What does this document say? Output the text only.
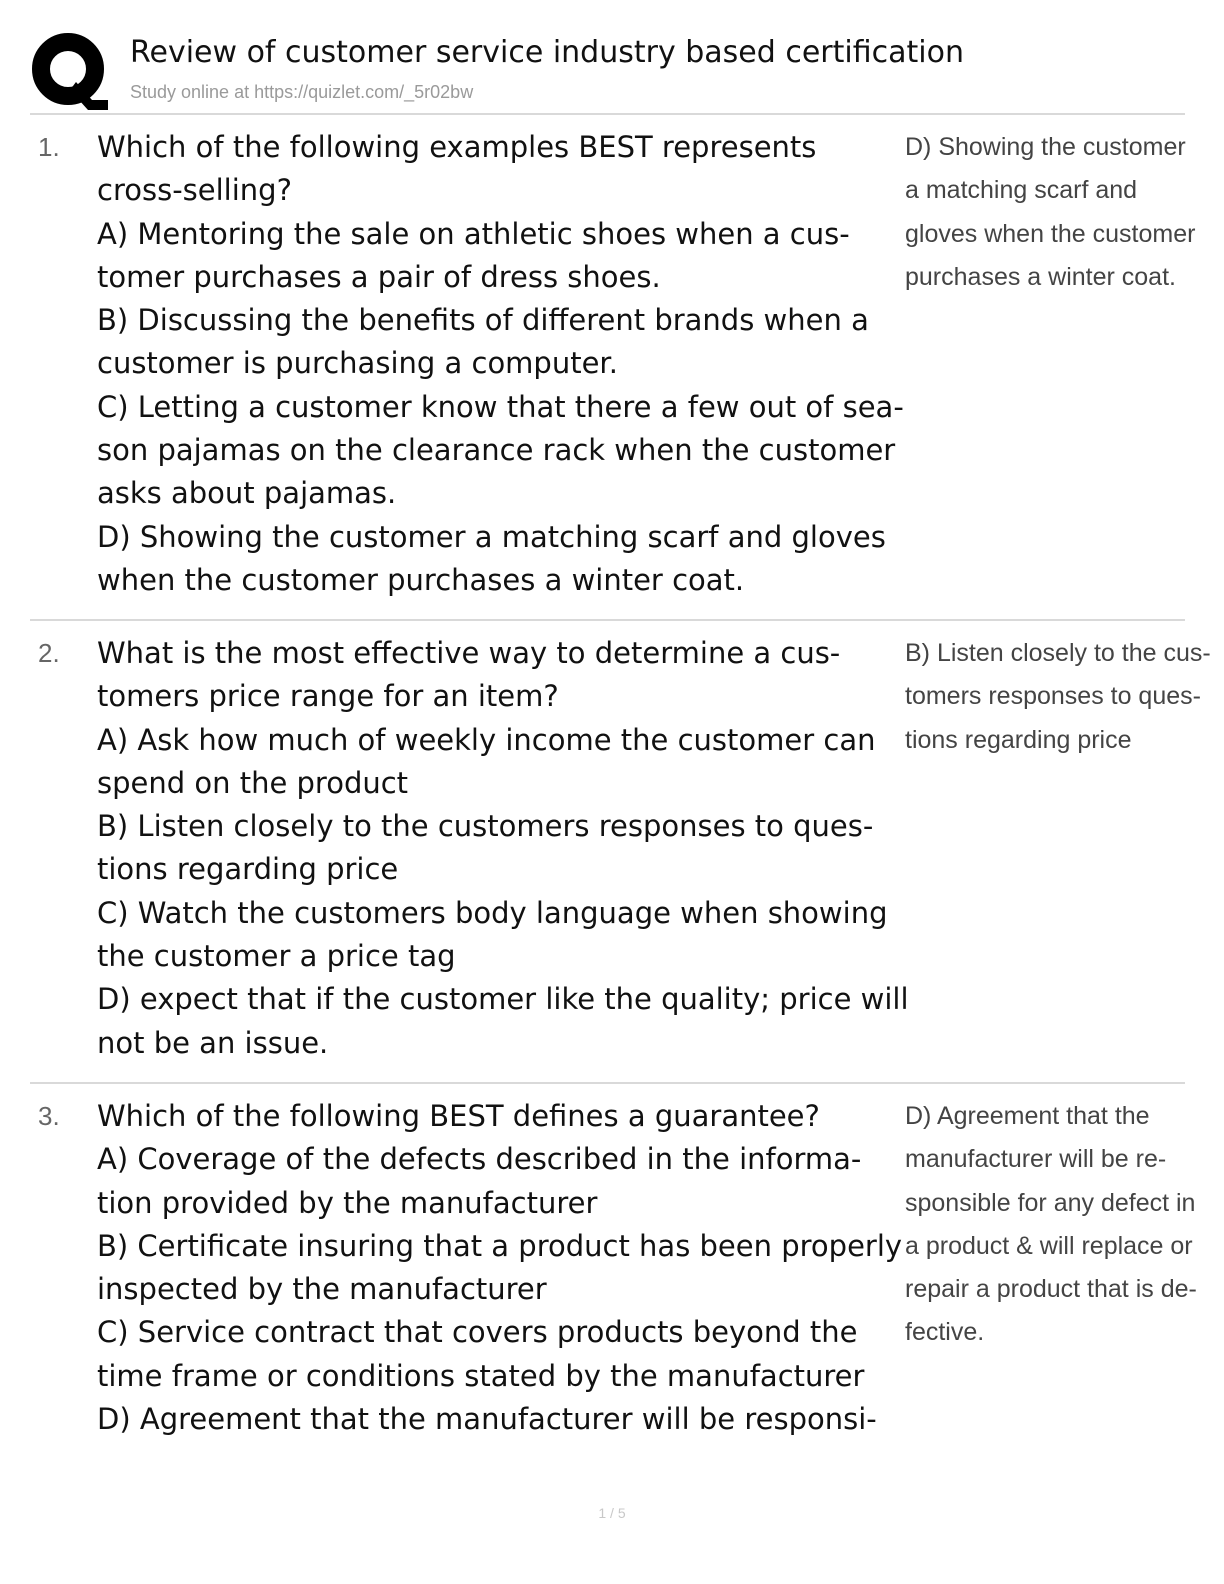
Review of customer service industry based certification
Study online at https://quizlet.com/_5r02bw
1. Which of the following examples BEST represents
cross-selling?
A) Mentoring the sale on athletic shoes when a cus-
tomer purchases a pair of dress shoes.
B) Discussing the benefits of different brands when a
customer is purchasing a computer.
C) Letting a customer know that there a few out of sea-
son pajamas on the clearance rack when the customer
asks about pajamas.
D) Showing the customer a matching scarf and gloves
when the customer purchases a winter coat.
D) Showing the customer
a matching scarf and
gloves when the customer
purchases a winter coat.
2. What is the most effective way to determine a cus-
tomers price range for an item?
A) Ask how much of weekly income the customer can
spend on the product
B) Listen closely to the customers responses to ques-
tions regarding price
C) Watch the customers body language when showing
the customer a price tag
D) expect that if the customer like the quality; price will
not be an issue.
B) Listen closely to the cus-
tomers responses to ques-
tions regarding price
3. Which of the following BEST defines a guarantee?
A) Coverage of the defects described in the informa-
tion provided by the manufacturer
B) Certificate insuring that a product has been properly
inspected by the manufacturer
C) Service contract that covers products beyond the
time frame or conditions stated by the manufacturer
D) Agreement that the manufacturer will be responsi-
D) Agreement that the
manufacturer will be re-
sponsible for any defect in
a product & will replace or
repair a product that is de-
fective.
1 / 5
